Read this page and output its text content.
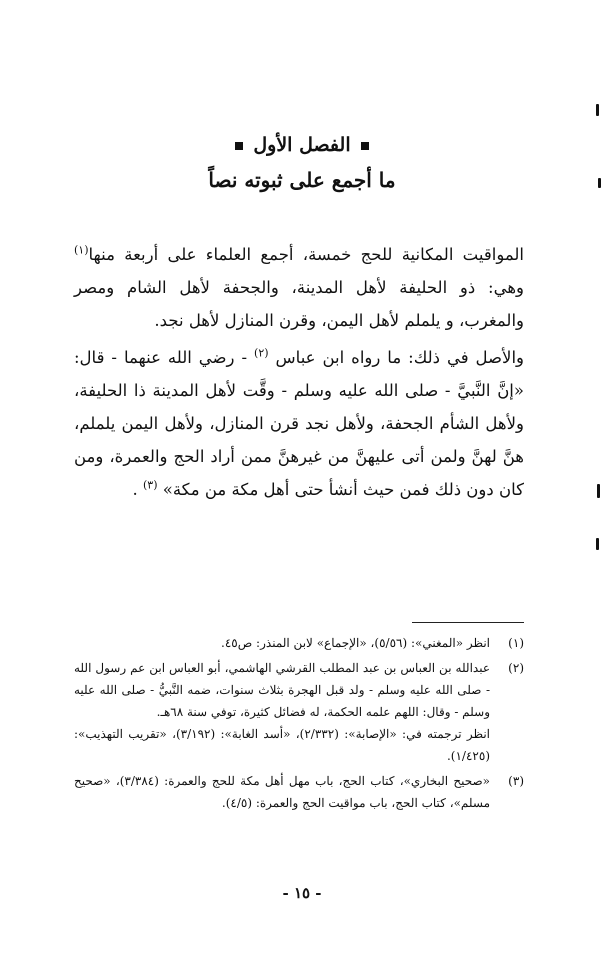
الفصل الأول
ما أجمع على ثبوته نصاً

المواقيت المكانية للحج خمسة، أجمع العلماء على أربعة منها$^{(١)}$ وهي: ذو الحليفة لأهل المدينة، والجحفة لأهل الشام ومصر والمغرب، و يلملم لأهل اليمن، وقرن المنازل لأهل نجد.

والأصل في ذلك: ما رواه ابن عباس $^{(٢)}$ - رضي الله عنهما - قال: «إنَّ النَّبيَّ - صلى الله عليه وسلم - وقَّت لأهل المدينة ذا الحليفة، ولأهل الشأم الجحفة، ولأهل نجد قرن المنازل، ولأهل اليمن يلملم، هنَّ لهنَّ ولمن أتى عليهنَّ من غيرهنَّ ممن أراد الحج والعمرة، ومن كان دون ذلك فمن حيث أنشأ حتى أهل مكة من مكة» $^{(٣)}$ .

(١)
انظر «المغني»: (٥/٥٦)، «الإجماع» لابن المنذر: ص٤٥.
(٢)
عبدالله بن العباس بن عبد المطلب القرشي الهاشمي، أبو العباس ابن عم رسول الله - صلى الله عليه وسلم - ولد قبل الهجرة بثلاث سنوات، ضمه النَّبيُّ - صلى الله عليه وسلم - وقال: اللهم علمه الحكمة، له فضائل كثيرة، توفي سنة ٦٨هـ.
انظر ترجمته في: «الإصابة»: (٢/٣٣٢)، «أسد الغابة»: (٣/١٩٢)، «تقريب التهذيب»: (١/٤٢٥).
(٣)
«صحيح البخاري»، كتاب الحج، باب مهل أهل مكة للحج والعمرة: (٣/٣٨٤)، «صحيح مسلم»، كتاب الحج، باب مواقيت الحج والعمرة: (٤/٥).
- ١٥ -
